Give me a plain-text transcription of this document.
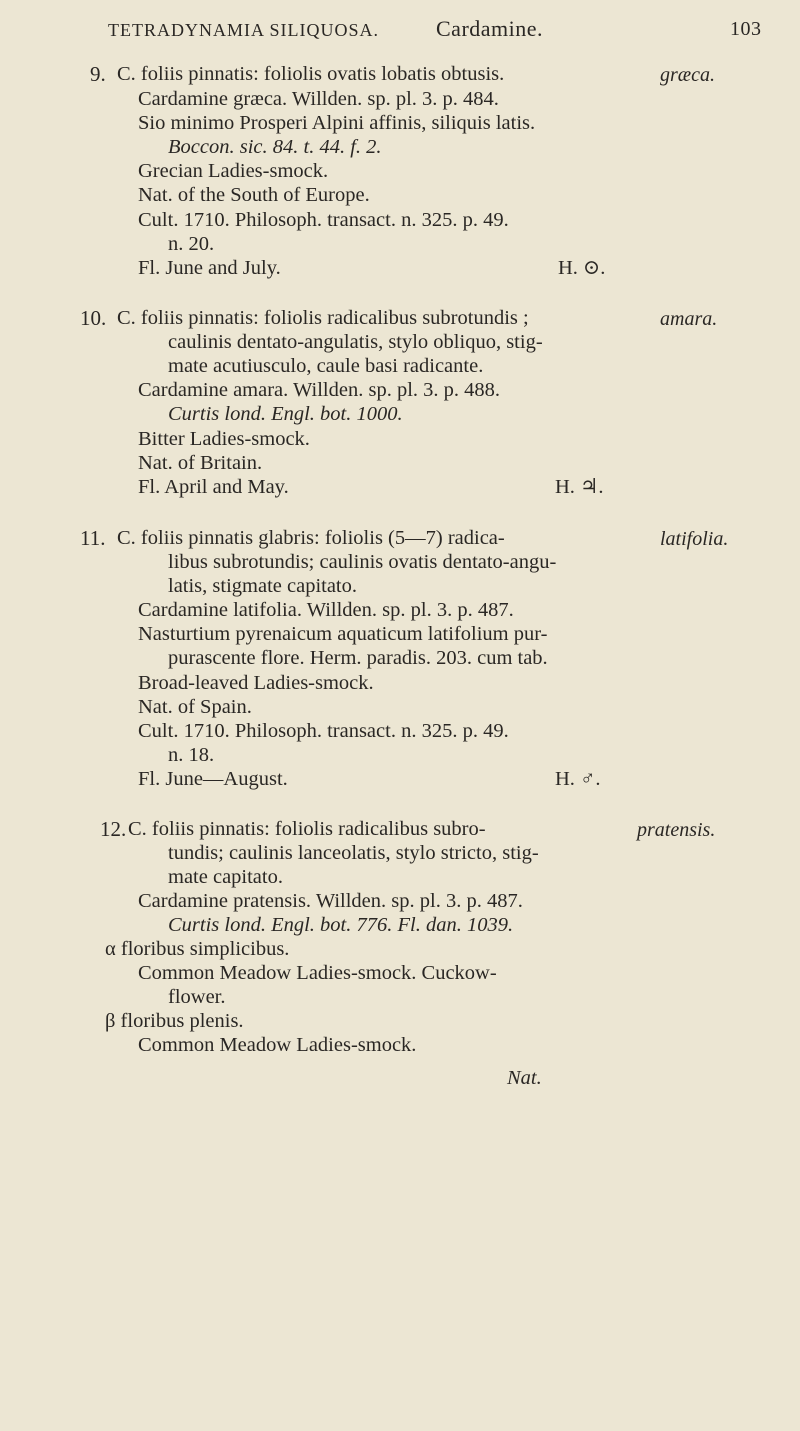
TETRADYNAMIA SILIQUOSA.	Cardamine.	103
9.	græca.
C. foliis pinnatis: foliolis ovatis lobatis obtusis.
Cardamine græca. Willden. sp. pl. 3. p. 484.
Sio minimo Prosperi Alpini affinis, siliquis latis.
Boccon. sic. 84. t. 44. f. 2.
Grecian Ladies-smock.
Nat. of the South of Europe.
Cult. 1710. Philosoph. transact. n. 325. p. 49.
n. 20.
Fl. June and July.	H. ⊙.
10.	amara.
C. foliis pinnatis: foliolis radicalibus subrotundis ;
caulinis dentato-angulatis, stylo obliquo, stig-
mate acutiusculo, caule basi radicante.
Cardamine amara. Willden. sp. pl. 3. p. 488.
Curtis lond. Engl. bot. 1000.
Bitter Ladies-smock.
Nat. of Britain.
Fl. April and May.	H. ♃.
11.	latifolia.
C. foliis pinnatis glabris: foliolis (5—7) radica-
libus subrotundis; caulinis ovatis dentato-angu-
latis, stigmate capitato.
Cardamine latifolia. Willden. sp. pl. 3. p. 487.
Nasturtium pyrenaicum aquaticum latifolium pur-
purascente flore. Herm. paradis. 203. cum tab.
Broad-leaved Ladies-smock.
Nat. of Spain.
Cult. 1710. Philosoph. transact. n. 325. p. 49.
n. 18.
Fl. June—August.	H. ♂.
12.	pratensis.
C. foliis pinnatis: foliolis radicalibus subro-
tundis; caulinis lanceolatis, stylo stricto, stig-
mate capitato.
Cardamine pratensis. Willden. sp. pl. 3. p. 487.
Curtis lond. Engl. bot. 776. Fl. dan. 1039.
α floribus simplicibus.
Common Meadow Ladies-smock. Cuckow-
flower.
β floribus plenis.
Common Meadow Ladies-smock.
Nat.
